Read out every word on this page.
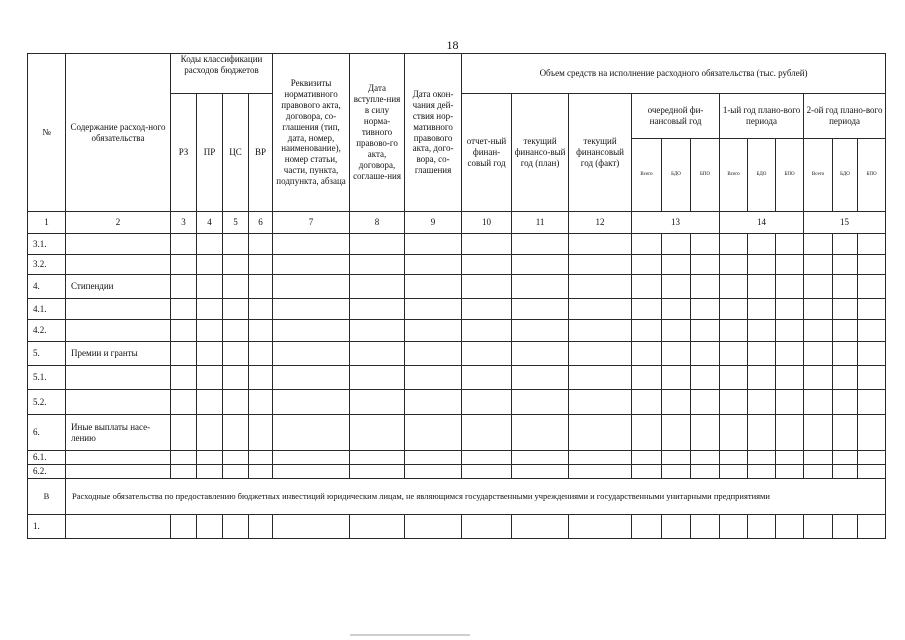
18
№	Содержание расход-ного обязательства	Коды классификации расходов бюджетов				Реквизиты нормативного правового акта, договора, со-глашения (тип, дата, номер, наименование), номер статьи, части, пункта, подпункта, абзаца	Дата вступле-ния в силу норма-тивного правово-го акта, договора, соглаше-ния	Дата окон-чания дей-ствия нор-мативного правового акта, дого-вора, со-глашения	Объем средств на исполнение расходного обязательства (тыс. рублей)											
		РЗ	ПР	ЦС	ВР				отчет-ный финан-совый год	текущий финансо-вый год (план)	текущий финансовый год (факт)	очередной фи-нансовый год			1-ый год плано-вого периода			2-ой год плано-вого периода		
												Всего	БДО	БПО	Всего	БДО	БПО	Всего	БДО	БПО
1	2	3	4	5	6	7	8	9	10	11	12	13			14			15		
3.1.																				
3.2.																				
4.	Стипендии																			
4.1.																				
4.2.																				
5.	Премии и гранты																			
5.1.																				
5.2.																				
6.	Иные выплаты насе-лению																			
6.1.																				
6.2.																				
В	Расходные обязательства по предоставлению бюджетных инвестиций юридическим лицам, не являющимся государственными учреждениями и государственными унитарными предприятиями																			
1.																				
